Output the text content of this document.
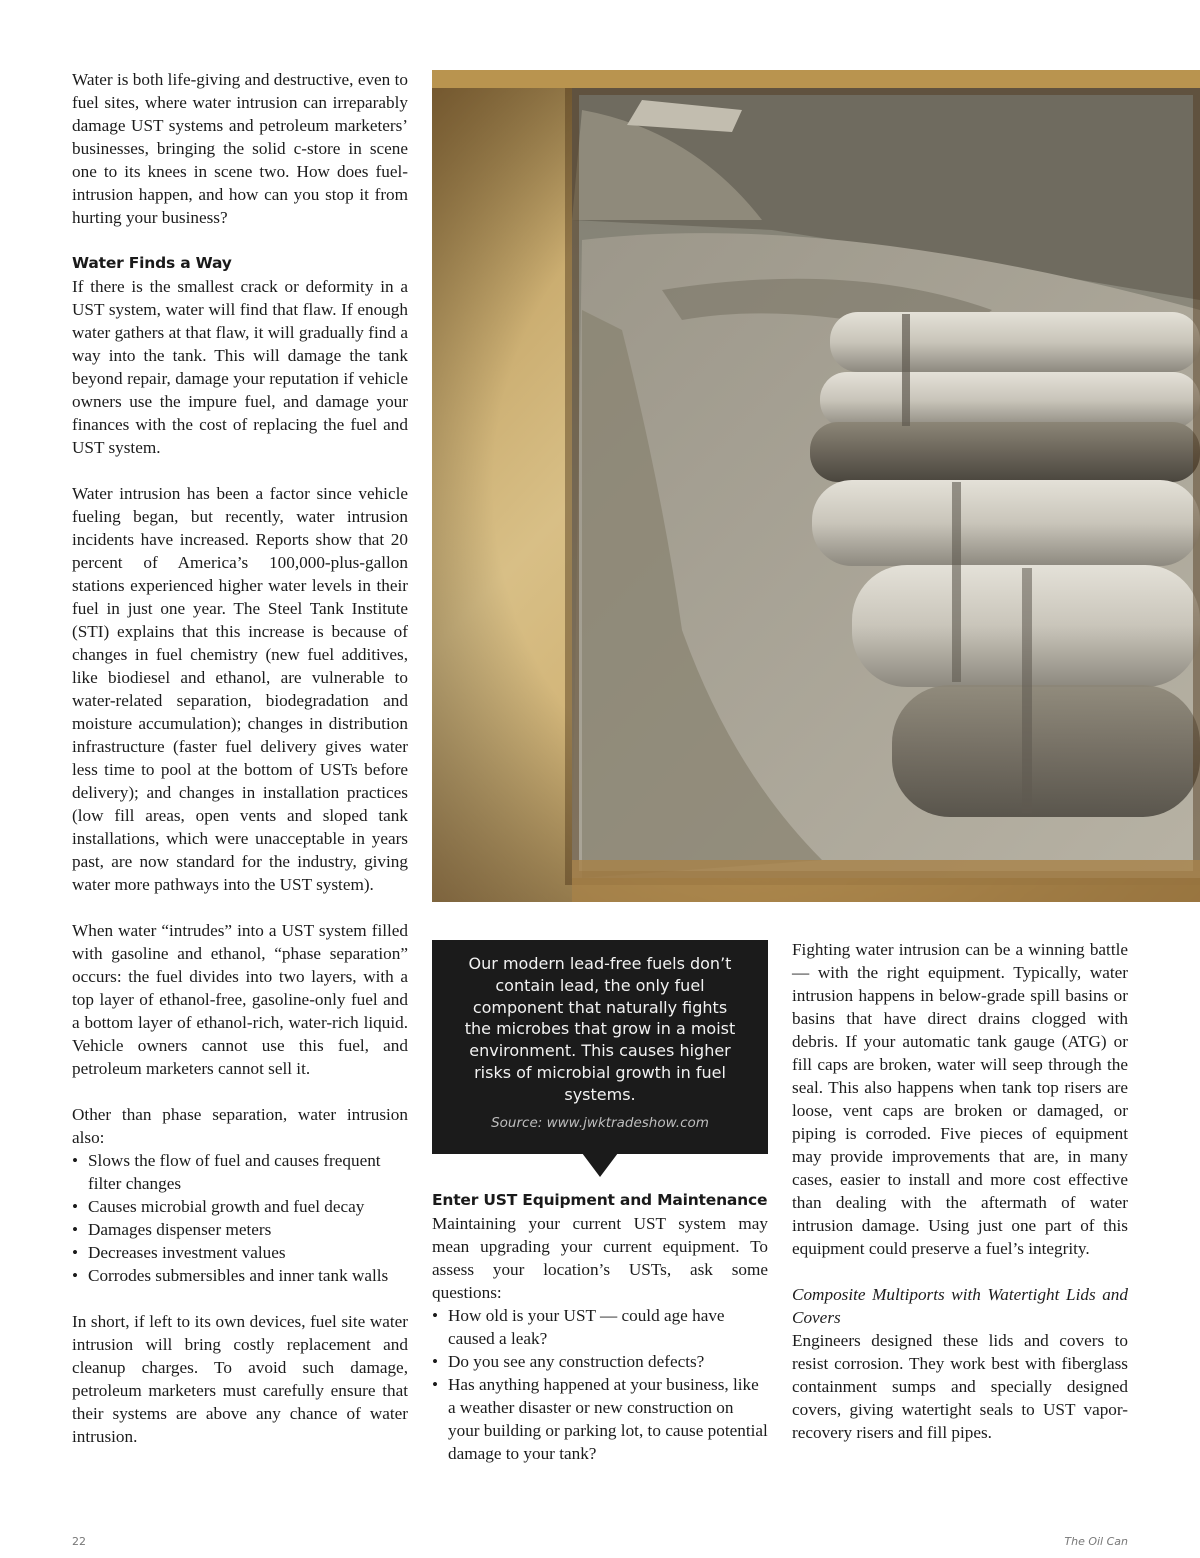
Water is both life-giving and destructive, even to fuel sites, where water intrusion can irreparably damage UST systems and petroleum marketers’ businesses, bringing the solid c-store in scene one to its knees in scene two. How does fuel-intrusion happen, and how can you stop it from hurting your business?

Water Finds a Way

If there is the smallest crack or deformity in a UST system, water will find that flaw. If enough water gathers at that flaw, it will gradually find a way into the tank. This will damage the tank beyond repair, damage your reputation if vehicle owners use the impure fuel, and damage your finances with the cost of replacing the fuel and UST system.

Water intrusion has been a factor since vehicle fueling began, but recently, water intrusion incidents have increased. Reports show that 20 percent of America’s 100,000-plus-gallon stations experienced higher water levels in their fuel in just one year. The Steel Tank Institute (STI) explains that this increase is because of changes in fuel chemistry (new fuel additives, like biodiesel and ethanol, are vulnerable to water-related separation, biodegradation and moisture accumulation); changes in distribution infrastructure (faster fuel delivery gives water less time to pool at the bottom of USTs before delivery); and changes in installation practices (low fill areas, open vents and sloped tank installations, which were unacceptable in years past, are now standard for the industry, giving water more pathways into the UST system).

When water “intrudes” into a UST system filled with gasoline and ethanol, “phase separation” occurs: the fuel divides into two layers, with a top layer of ethanol-free, gasoline-only fuel and a bottom layer of ethanol-rich, water-rich liquid. Vehicle owners cannot use this fuel, and petroleum marketers cannot sell it.

Other than phase separation, water intrusion also:

• Slows the flow of fuel and causes frequent filter changes
• Causes microbial growth and fuel decay
• Damages dispenser meters
• Decreases investment values
• Corrodes submersibles and inner tank walls

In short, if left to its own devices, fuel site water intrusion will bring costly replacement and cleanup charges. To avoid such damage, petroleum marketers must carefully ensure that their systems are above any chance of water intrusion.

Our modern lead-free fuels don’t contain lead, the only fuel component that naturally fights the microbes that grow in a moist environment. This causes higher risks of microbial growth in fuel systems.
Source: www.jwktradeshow.com

Enter UST Equipment and Maintenance

Maintaining your current UST system may mean upgrading your current equipment. To assess your location’s USTs, ask some questions:

• How old is your UST — could age have caused a leak?
• Do you see any construction defects?
• Has anything happened at your business, like a weather disaster or new construction on your building or parking lot, to cause potential damage to your tank?

Fighting water intrusion can be a winning battle — with the right equipment. Typically, water intrusion happens in below-grade spill basins or basins that have direct drains clogged with debris. If your automatic tank gauge (ATG) or fill caps are broken, water will seep through the seal. This also happens when tank top risers are loose, vent caps are broken or damaged, or piping is corroded. Five pieces of equipment may provide improvements that are, in many cases, easier to install and more cost effective than dealing with the aftermath of water intrusion damage. Using just one part of this equipment could preserve a fuel’s integrity.

Composite Multiports with Watertight Lids and Covers

Engineers designed these lids and covers to resist corrosion. They work best with fiberglass containment sumps and specially designed covers, giving watertight seals to UST vapor-recovery risers and fill pipes.

22	The Oil Can
